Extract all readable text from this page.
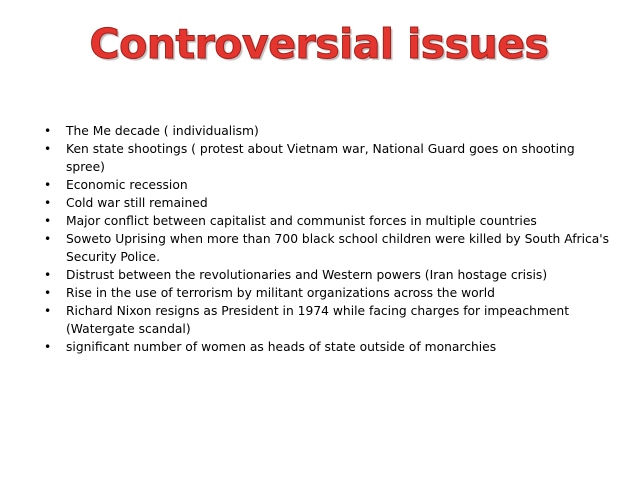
Controversial issues
• The Me decade ( individualism)
• Ken state shootings ( protest about Vietnam war, National Guard goes on shooting spree)
• Economic recession
• Cold war still remained
• Major conflict between capitalist and communist forces in multiple countries
• Soweto Uprising when more than 700 black school children were killed by South Africa's Security Police.
• Distrust between the revolutionaries and Western powers (Iran hostage crisis)
• Rise in the use of terrorism by militant organizations across the world
• Richard Nixon resigns as President in 1974 while facing charges for impeachment (Watergate scandal)
• significant number of women as heads of state outside of monarchies
